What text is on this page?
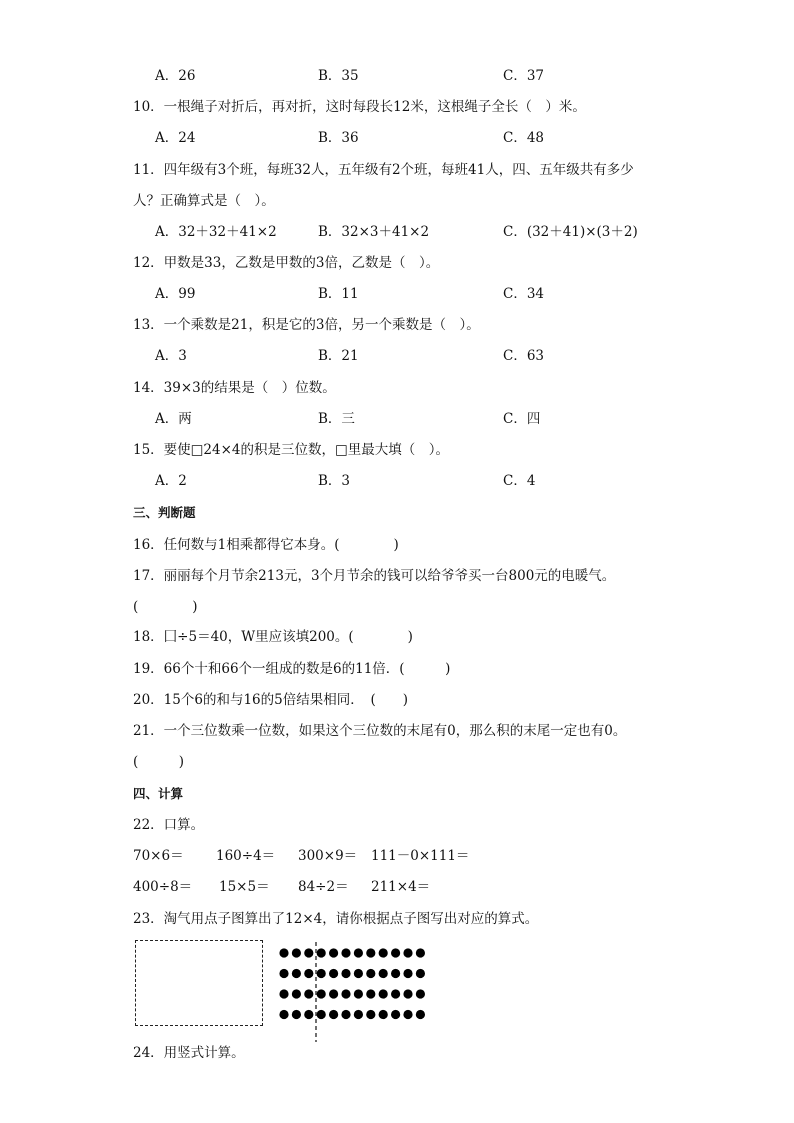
A．26	B．35	C．37
10．一根绳子对折后，再对折，这时每段长12米，这根绳子全长（　）米。
A．24	B．36	C．48
11．四年级有3个班，每班32人，五年级有2个班，每班41人，四、五年级共有多少
人？正确算式是（　）。
A．32＋32＋41×2	B．32×3＋41×2	C．(32＋41)×(3＋2)
12．甲数是33，乙数是甲数的3倍，乙数是（　）。
A．99	B．11	C．34
13．一个乘数是21，积是它的3倍，另一个乘数是（　）。
A．3	B．21	C．63
14．39×3的结果是（　）位数。
A．两	B．三	C．四
15．要使□24×4的积是三位数，□里最大填（　）。
A．2	B．3	C．4
三、判断题
16．任何数与1相乘都得它本身。(　　　　)
17．丽丽每个月节余213元，3个月节余的钱可以给爷爷买一台800元的电暖气。
(　　　　)
18．囗÷5＝40，W里应该填200。(　　　　)
19．66个十和66个一组成的数是6的11倍．(　　　)
20．15个6的和与16的5倍结果相同．　(　　)
21．一个三位数乘一位数，如果这个三位数的末尾有0，那么积的末尾一定也有0。
(　　　)
四、计算
22．口算。
70×6＝ 160÷4＝ 300×9＝ 111－0×111＝
400÷8＝ 15×5＝ 84÷2＝ 211×4＝
23．淘气用点子图算出了12×4，请你根据点子图写出对应的算式。
24．用竖式计算。
